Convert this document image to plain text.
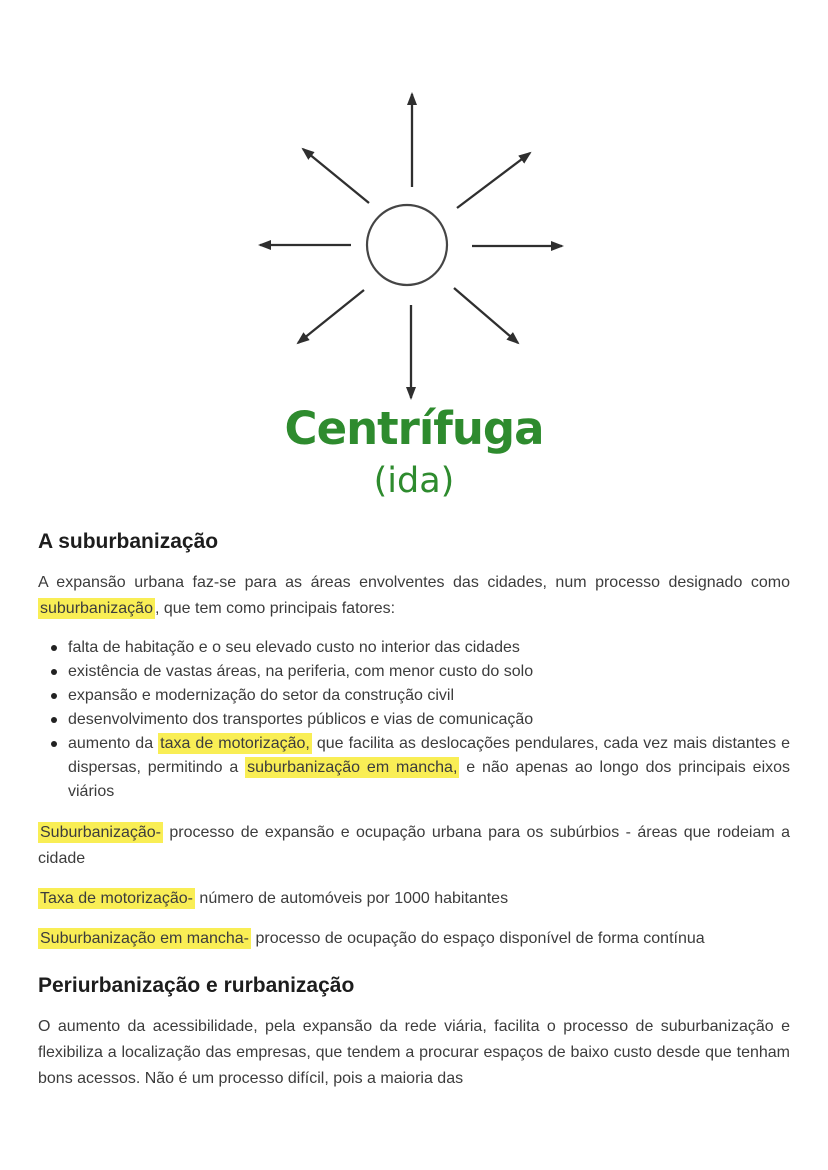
Centrífuga
(ida)
A suburbanização

A expansão urbana faz-se para as áreas envolventes das cidades, num processo designado como suburbanização , que tem como principais fatores:

falta de habitação e o seu elevado custo no interior das cidades
existência de vastas áreas, na periferia, com menor custo do solo
expansão e modernização do setor da construção civil
desenvolvimento dos transportes públicos e vias de comunicação
aumento da taxa de motorização, que facilita as deslocações pendulares, cada vez mais distantes e dispersas, permitindo a suburbanização em mancha, e não apenas ao longo dos principais eixos viários

Suburbanização- processo de expansão e ocupação urbana para os subúrbios - áreas que rodeiam a cidade

Taxa de motorização- número de automóveis por 1000 habitantes

Suburbanização em mancha- processo de ocupação do espaço disponível de forma contínua

Periurbanização e rurbanização

O aumento da acessibilidade, pela expansão da rede viária, facilita o processo de suburbanização e flexibiliza a localização das empresas, que tendem a procurar espaços de baixo custo desde que tenham bons acessos. Não é um processo difícil, pois a maioria das
